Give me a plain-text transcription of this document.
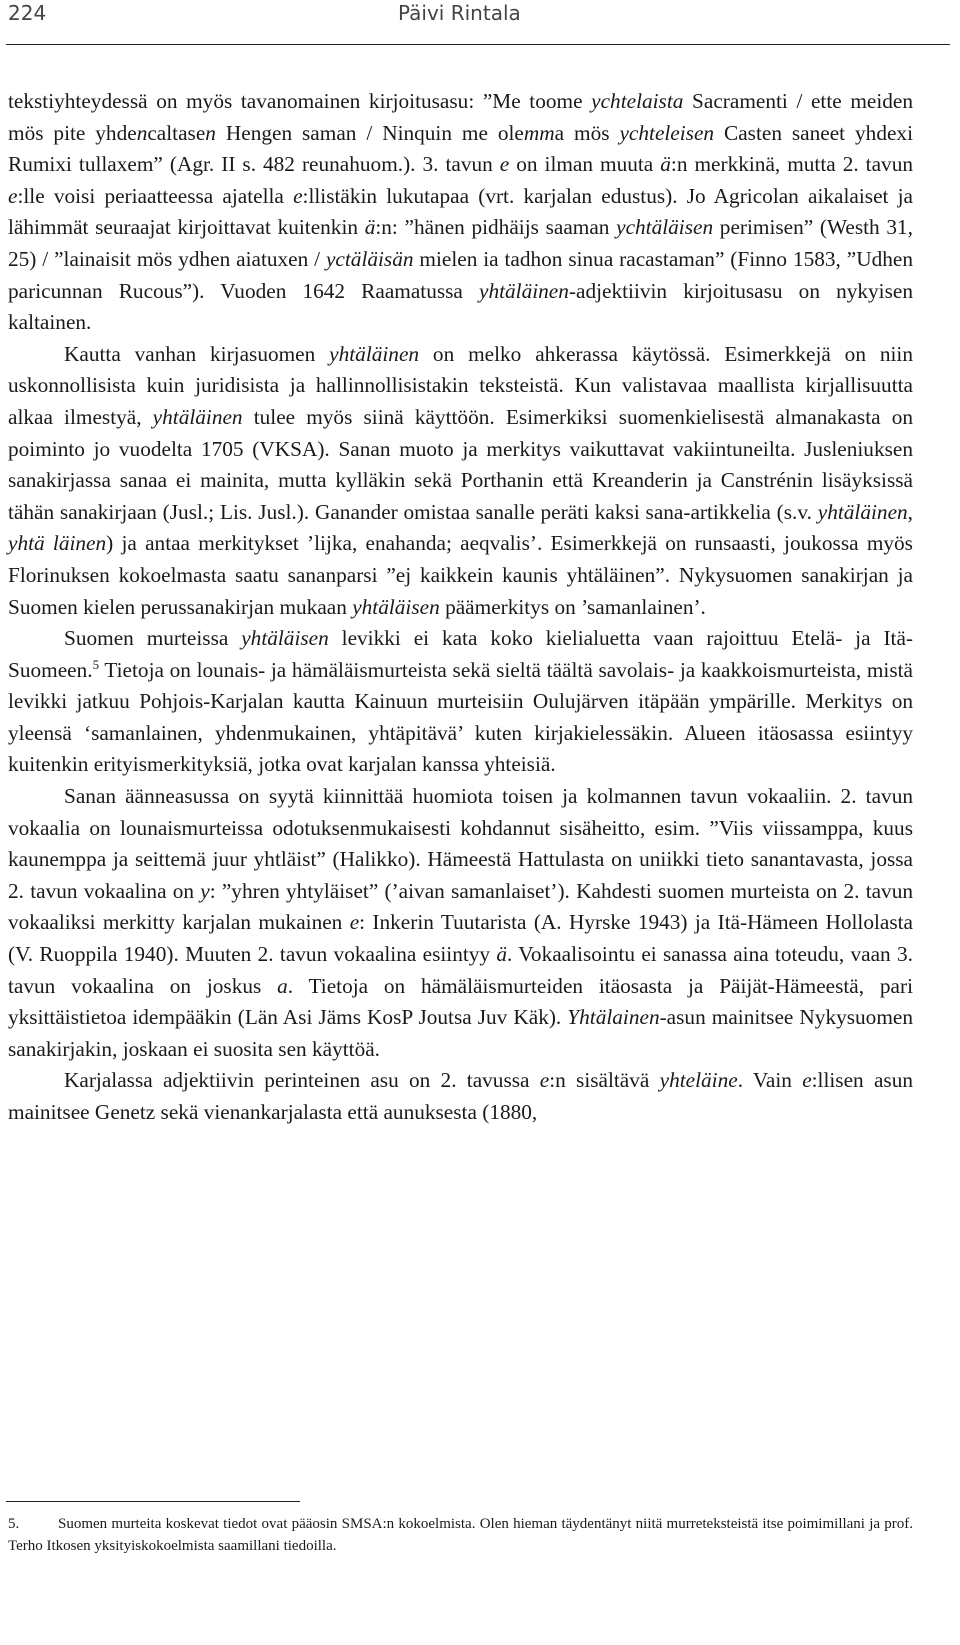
224	Päivi Rintala

tekstiyhteydessä on myös tavanomainen kirjoitusasu: ”Me toome ychtelaista Sacramenti / ette meiden mös pite yhdencaltasen Hengen saman / Ninquin me olemma mös ychteleisen Casten saneet yhdexi Rumixi tullaxem” (Agr. II s. 482 reunahuom.). 3. tavun e on ilman muuta ä:n merkkinä, mutta 2. tavun e:lle voisi periaatteessa ajatella e:llistäkin lukutapaa (vrt. karjalan edustus). Jo Agricolan aikalaiset ja lähimmät seuraajat kirjoittavat kuitenkin ä:n: ”hänen pidhäijs saaman ychtäläisen perimisen” (Westh 31, 25) / ”lainaisit mös ydhen aiatuxen / yctäläisän mielen ia tadhon sinua racastaman” (Finno 1583, ”Udhen paricunnan Rucous”). Vuoden 1642 Raamatussa yhtäläinen-adjektiivin kirjoitusasu on nykyisen kaltainen.

Kautta vanhan kirjasuomen yhtäläinen on melko ahkerassa käytössä. Esimerkkejä on niin uskonnollisista kuin juridisista ja hallinnollisistakin teksteistä. Kun valistavaa maallista kirjallisuutta alkaa ilmestyä, yhtäläinen tulee myös siinä käyttöön. Esimerkiksi suomenkielisestä almanakasta on poiminto jo vuodelta 1705 (VKSA). Sanan muoto ja merkitys vaikuttavat vakiintuneilta. Jusleniuksen sanakirjassa sanaa ei mainita, mutta kylläkin sekä Porthanin että Kreanderin ja Canstrénin lisäyksissä tähän sanakirjaan (Jusl.; Lis. Jusl.). Ganander omistaa sanalle peräti kaksi sana-artikkelia (s.v. yhtäläinen, yhtä läinen) ja antaa merkitykset ’lijka, enahanda; aeqvalis’. Esimerkkejä on runsaasti, joukossa myös Florinuksen kokoelmasta saatu sananparsi ”ej kaikkein kaunis yhtäläinen”. Nykysuomen sanakirjan ja Suomen kielen perussanakirjan mukaan yhtäläisen päämerkitys on ’samanlainen’.

Suomen murteissa yhtäläisen levikki ei kata koko kielialuetta vaan rajoittuu Etelä- ja Itä-Suomeen.$^5$ Tietoja on lounais- ja hämäläismurteista sekä sieltä täältä savolais- ja kaakkoismurteista, mistä levikki jatkuu Pohjois-Karjalan kautta Kainuun murteisiin Oulujärven itäpään ympärille. Merkitys on yleensä ‘samanlainen, yhdenmukainen, yhtäpitävä’ kuten kirjakielessäkin. Alueen itäosassa esiintyy kuitenkin erityismerkityksiä, jotka ovat karjalan kanssa yhteisiä.

Sanan äänneasussa on syytä kiinnittää huomiota toisen ja kolmannen tavun vokaaliin. 2. tavun vokaalia on lounaismurteissa odotuksenmukaisesti kohdannut sisäheitto, esim. ”Viis viissamppa, kuus kaunemppa ja seittemä juur yhtläist” (Halikko). Hämeestä Hattulasta on uniikki tieto sanantavasta, jossa 2. tavun vokaalina on y: ”yhren yhtyläiset” (’aivan samanlaiset’). Kahdesti suomen murteista on 2. tavun vokaaliksi merkitty karjalan mukainen e: Inkerin Tuutarista (A. Hyrske 1943) ja Itä-Hämeen Hollolasta (V. Ruoppila 1940). Muuten 2. tavun vokaalina esiintyy ä. Vokaalisointu ei sanassa aina toteudu, vaan 3. tavun vokaalina on joskus a. Tietoja on hämäläismurteiden itäosasta ja Päijät-Hämeestä, pari yksittäistietoa idempääkin (Län Asi Jäms KosP Joutsa Juv Käk). Yhtälainen-asun mainitsee Nykysuomen sanakirjakin, joskaan ei suosita sen käyttöä.

Karjalassa adjektiivin perinteinen asu on 2. tavussa e:n sisältävä yhteläine. Vain e:llisen asun mainitsee Genetz sekä vienankarjalasta että aunuksesta (1880,

5.	Suomen murteita koskevat tiedot ovat pääosin SMSA:n kokoelmista. Olen hieman täydentänyt niitä murreteksteistä itse poimimillani ja prof. Terho Itkosen yksityiskokoelmista saamillani tiedoilla.
